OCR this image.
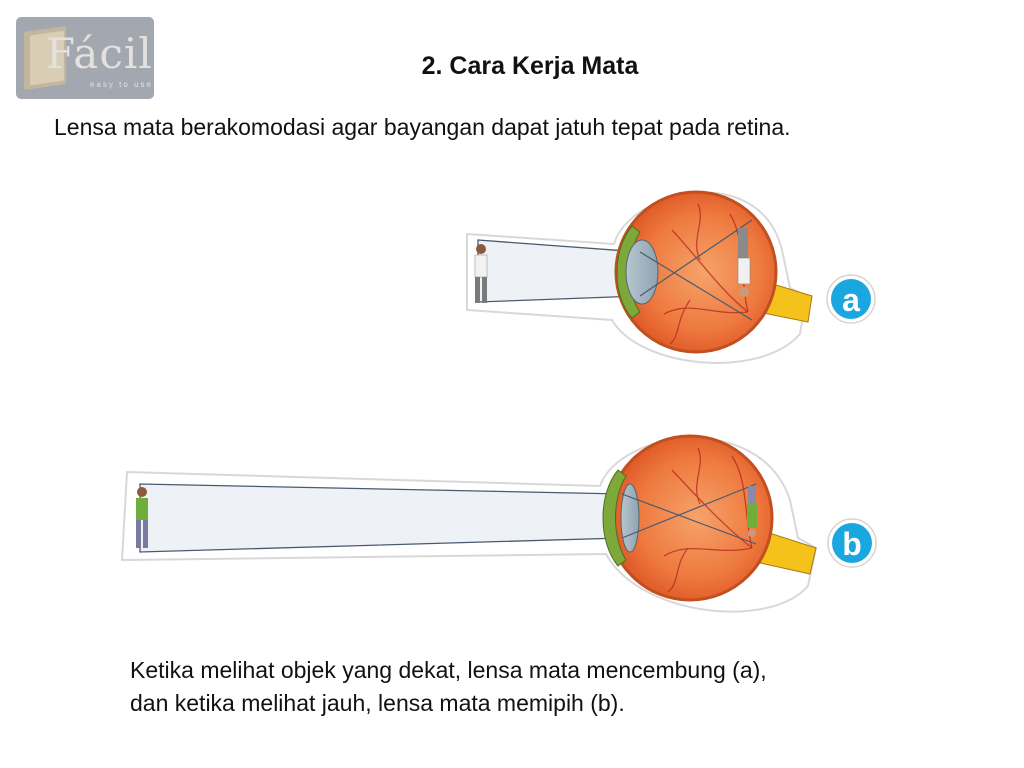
Fácil
easy to use
2. Cara Kerja Mata
Lensa mata berakomodasi agar bayangan dapat jatuh tepat pada retina.
a
b
Ketika melihat objek yang dekat, lensa mata mencembung (a),
dan ketika melihat jauh, lensa mata memipih (b).
